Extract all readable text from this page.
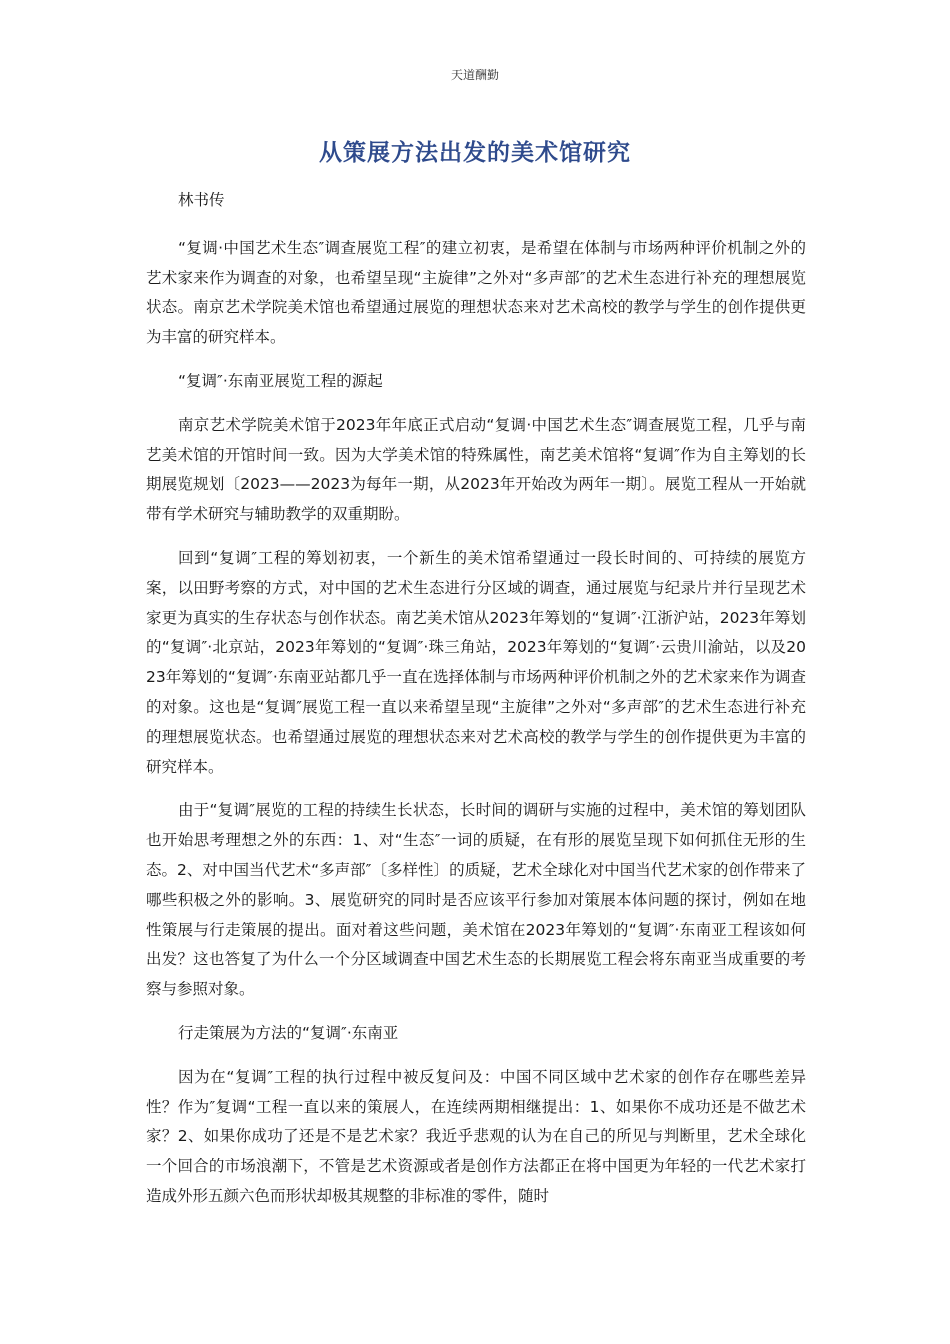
天道酬勤
从策展方法出发的美术馆研究

林书传

“复调·中国艺术生态″调查展览工程″的建立初衷，是希望在体制与市场两种评价机制之外的艺术家来作为调查的对象，也希望呈现“主旋律”之外对“多声部″的艺术生态进行补充的理想展览状态。南京艺术学院美术馆也希望通过展览的理想状态来对艺术高校的教学与学生的创作提供更为丰富的研究样本。

“复调″·东南亚展览工程的源起

南京艺术学院美术馆于2023年年底正式启动“复调·中国艺术生态″调查展览工程，几乎与南艺美术馆的开馆时间一致。因为大学美术馆的特殊属性，南艺美术馆将“复调″作为自主筹划的长期展览规划〔2023——2023为每年一期，从2023年开始改为两年一期〕。展览工程从一开始就带有学术研究与辅助教学的双重期盼。

回到“复调″工程的筹划初衷，一个新生的美术馆希望通过一段长时间的、可持续的展览方案，以田野考察的方式，对中国的艺术生态进行分区域的调查，通过展览与纪录片并行呈现艺术家更为真实的生存状态与创作状态。南艺美术馆从2023年筹划的“复调″·江浙沪站，2023年筹划的“复调″·北京站，2023年筹划的“复调″·珠三角站，2023年筹划的“复调″·云贵川渝站，以及2023年筹划的“复调″·东南亚站都几乎一直在选择体制与市场两种评价机制之外的艺术家来作为调查的对象。这也是“复调″展览工程一直以来希望呈现“主旋律”之外对“多声部″的艺术生态进行补充的理想展览状态。也希望通过展览的理想状态来对艺术高校的教学与学生的创作提供更为丰富的研究样本。

由于“复调″展览的工程的持续生长状态，长时间的调研与实施的过程中，美术馆的筹划团队也开始思考理想之外的东西：1、对“生态″一词的质疑，在有形的展览呈现下如何抓住无形的生态。2、对中国当代艺术“多声部″〔多样性〕的质疑，艺术全球化对中国当代艺术家的创作带来了哪些积极之外的影响。3、展览研究的同时是否应该平行参加对策展本体问题的探讨，例如在地性策展与行走策展的提出。面对着这些问题，美术馆在2023年筹划的“复调″·东南亚工程该如何出发？这也答复了为什么一个分区域调查中国艺术生态的长期展览工程会将东南亚当成重要的考察与参照对象。

行走策展为方法的“复调″·东南亚

因为在“复调″工程的执行过程中被反复问及：中国不同区域中艺术家的创作存在哪些差异性？作为″复调“工程一直以来的策展人，在连续两期相继提出：1、如果你不成功还是不做艺术家？2、如果你成功了还是不是艺术家？我近乎悲观的认为在自己的所见与判断里，艺术全球化一个回合的市场浪潮下，不管是艺术资源或者是创作方法都正在将中国更为年轻的一代艺术家打造成外形五颜六色而形状却极其规整的非标准的零件，随时
